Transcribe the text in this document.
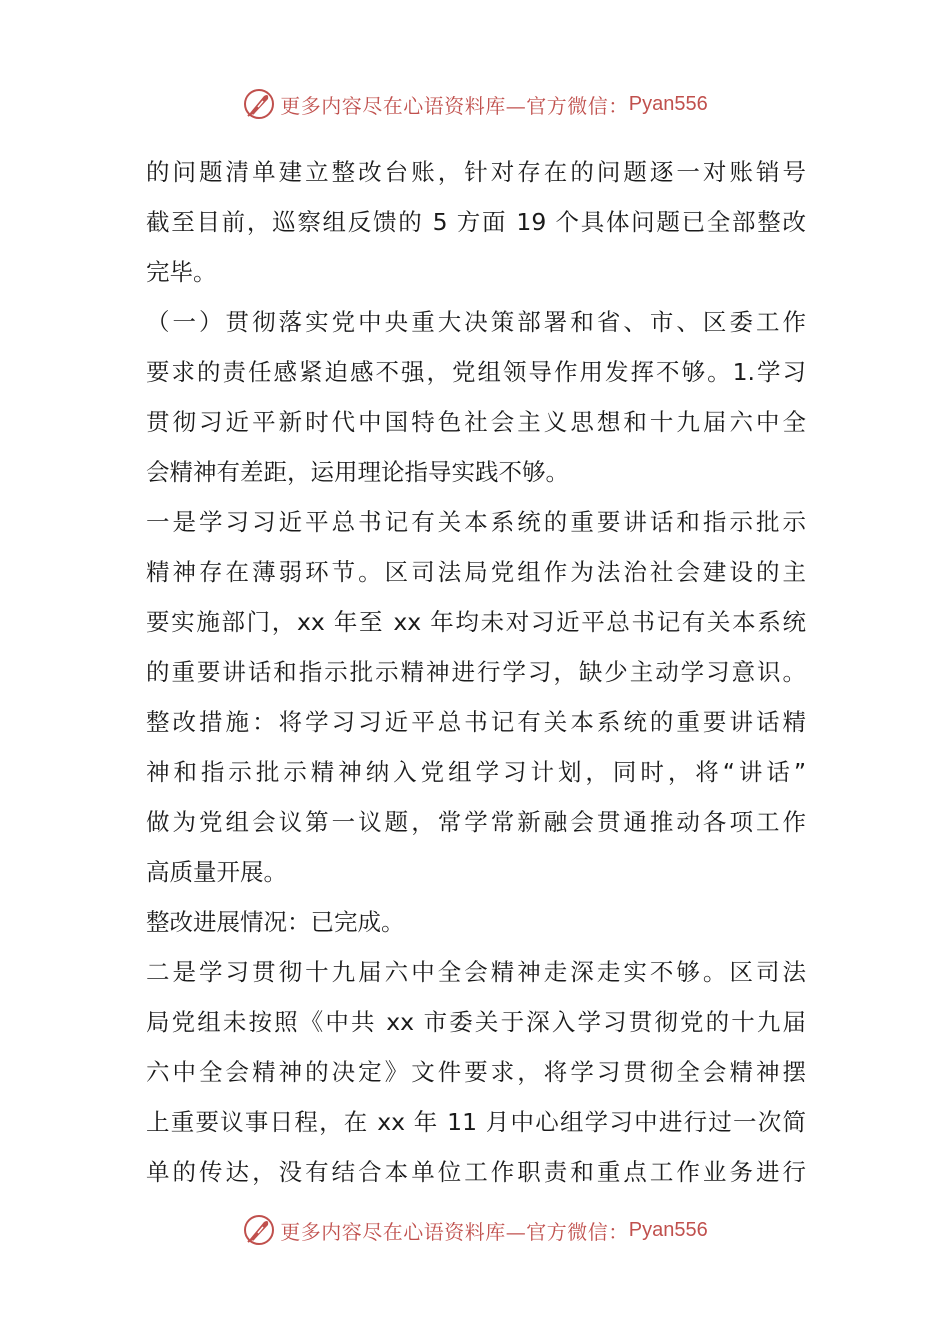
更多内容尽在心语资料库—官方微信： Pyan556
的问题清单建立整改台账，针对存在的问题逐一对账销号
截至目前，巡察组反馈的 5 方面 19 个具体问题已全部整改
完毕。
（一）贯彻落实党中央重大决策部署和省、市、区委工作
要求的责任感紧迫感不强，党组领导作用发挥不够。1.学习
贯彻习近平新时代中国特色社会主义思想和十九届六中全
会精神有差距，运用理论指导实践不够。
一是学习习近平总书记有关本系统的重要讲话和指示批示
精神存在薄弱环节。区司法局党组作为法治社会建设的主
要实施部门，xx 年至 xx 年均未对习近平总书记有关本系统
的重要讲话和指示批示精神进行学习，缺少主动学习意识。
整改措施：将学习习近平总书记有关本系统的重要讲话精
神和指示批示精神纳入党组学习计划，同时，将“讲话”
做为党组会议第一议题，常学常新融会贯通推动各项工作
高质量开展。
整改进展情况：已完成。
二是学习贯彻十九届六中全会精神走深走实不够。区司法
局党组未按照《中共 xx 市委关于深入学习贯彻党的十九届
六中全会精神的决定》文件要求，将学习贯彻全会精神摆
上重要议事日程，在 xx 年 11 月中心组学习中进行过一次简
单的传达，没有结合本单位工作职责和重点工作业务进行
更多内容尽在心语资料库—官方微信： Pyan556
